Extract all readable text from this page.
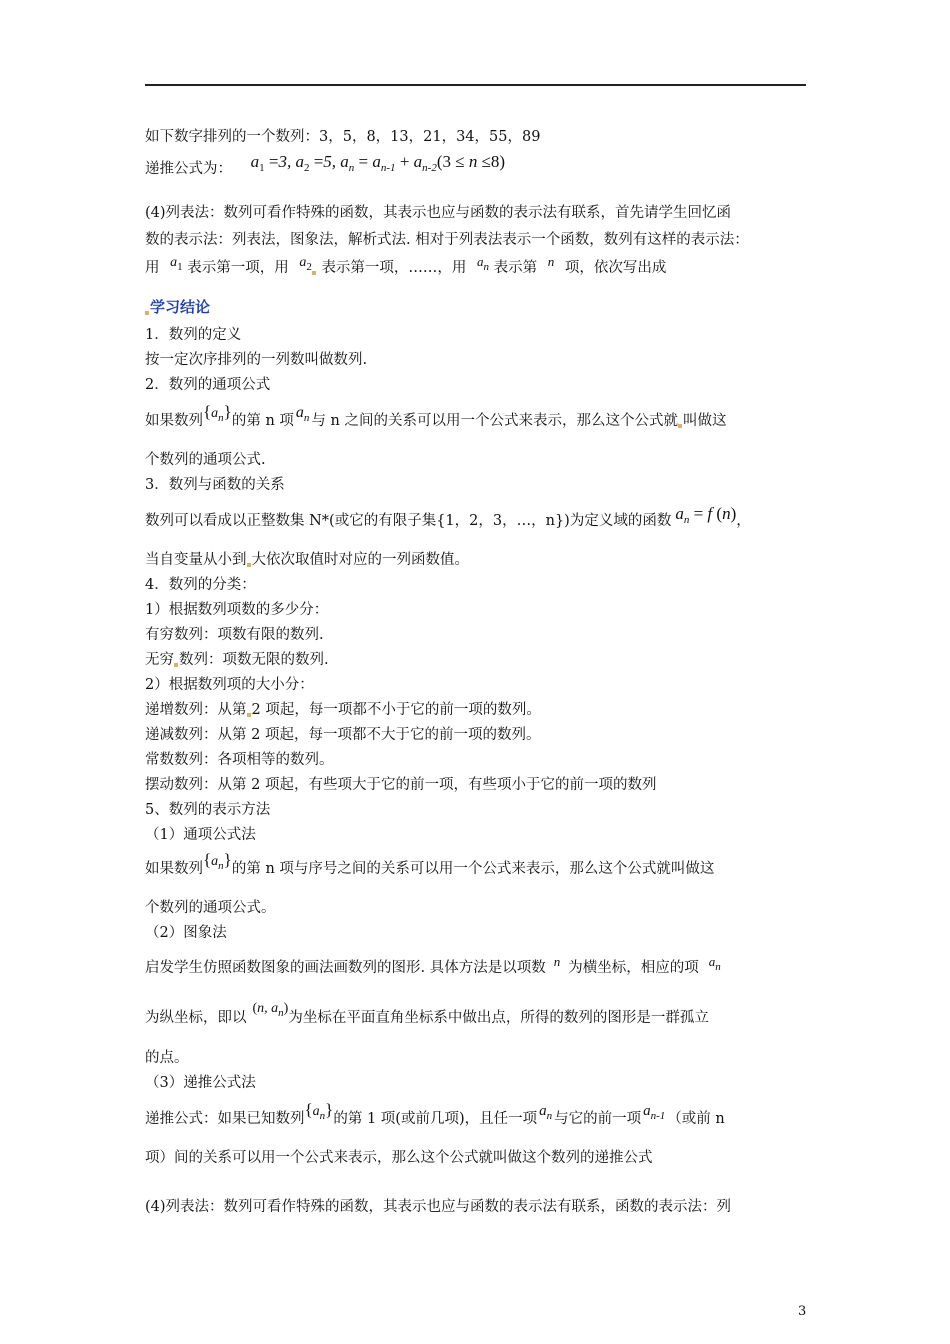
如下数字排列的一个数列：3，5，8，13，21，34，55，89
递推公式为： $a_1 =3$, $a_2 =5$, $a_n = a_{n-1} + a_{n-2}(3 \le n \le 8)$
(4)列表法：数列可看作特殊的函数，其表示也应与函数的表示法有联系，首先请学生回忆函
数的表示法：列表法，图象法，解析式法. 相对于列表法表示一个函数，数列有这样的表示法：
用 $a_1$ 表示第一项，用 $a_2$ 表示第一项，……，用 $a_n$ 表示第 n 项，依次写出成
学习结论
1．数列的定义
按一定次序排列的一列数叫做数列.
2．数列的通项公式
如果数列$\{a_n\}$的第 n 项 $a_n$ 与 n 之间的关系可以用一个公式来表示，那么这个公式就 叫做这
个数列的通项公式.
3．数列与函数的关系
数列可以看成以正整数集 N*(或它的有限子集{1，2，3，…，n})为定义域的函数 $a_n = f$ (n)，
当自变量从小到 大依次取值时对应的一列函数值。
4．数列的分类：
1）根据数列项数的多少分：
有穷数列：项数有限的数列.
无穷 数列：项数无限的数列.
2）根据数列项的大小分：
递增数列：从第 2 项起，每一项都不小于它的前一项的数列。
递减数列：从第 2 项起，每一项都不大于它的前一项的数列。
常数数列：各项相等的数列。
摆动数列：从第 2 项起，有些项大于它的前一项，有些项小于它的前一项的数列
5、数列的表示方法
（1）通项公式法
如果数列$\{a_n\}$的第 n 项与序号之间的关系可以用一个公式来表示，那么这个公式就叫做这
个数列的通项公式。
（2）图象法
启发学生仿照函数图象的画法画数列的图形. 具体方法是以项数 n 为横坐标，相应的项 $a_n$
为纵坐标，即以(n, $a_n$)为坐标在平面直角坐标系中做出点，所得的数列的图形是一群孤立
的点。
（3）递推公式法
递推公式：如果已知数列$\{a_n\}$的第 1 项(或前几项)，且任一项 $a_n$ 与它的前一项 $a_{n-1}$ （或前 n
项）间的关系可以用一个公式来表示，那么这个公式就叫做这个数列的递推公式
(4)列表法：数列可看作特殊的函数，其表示也应与函数的表示法有联系，函数的表示法：列
3
